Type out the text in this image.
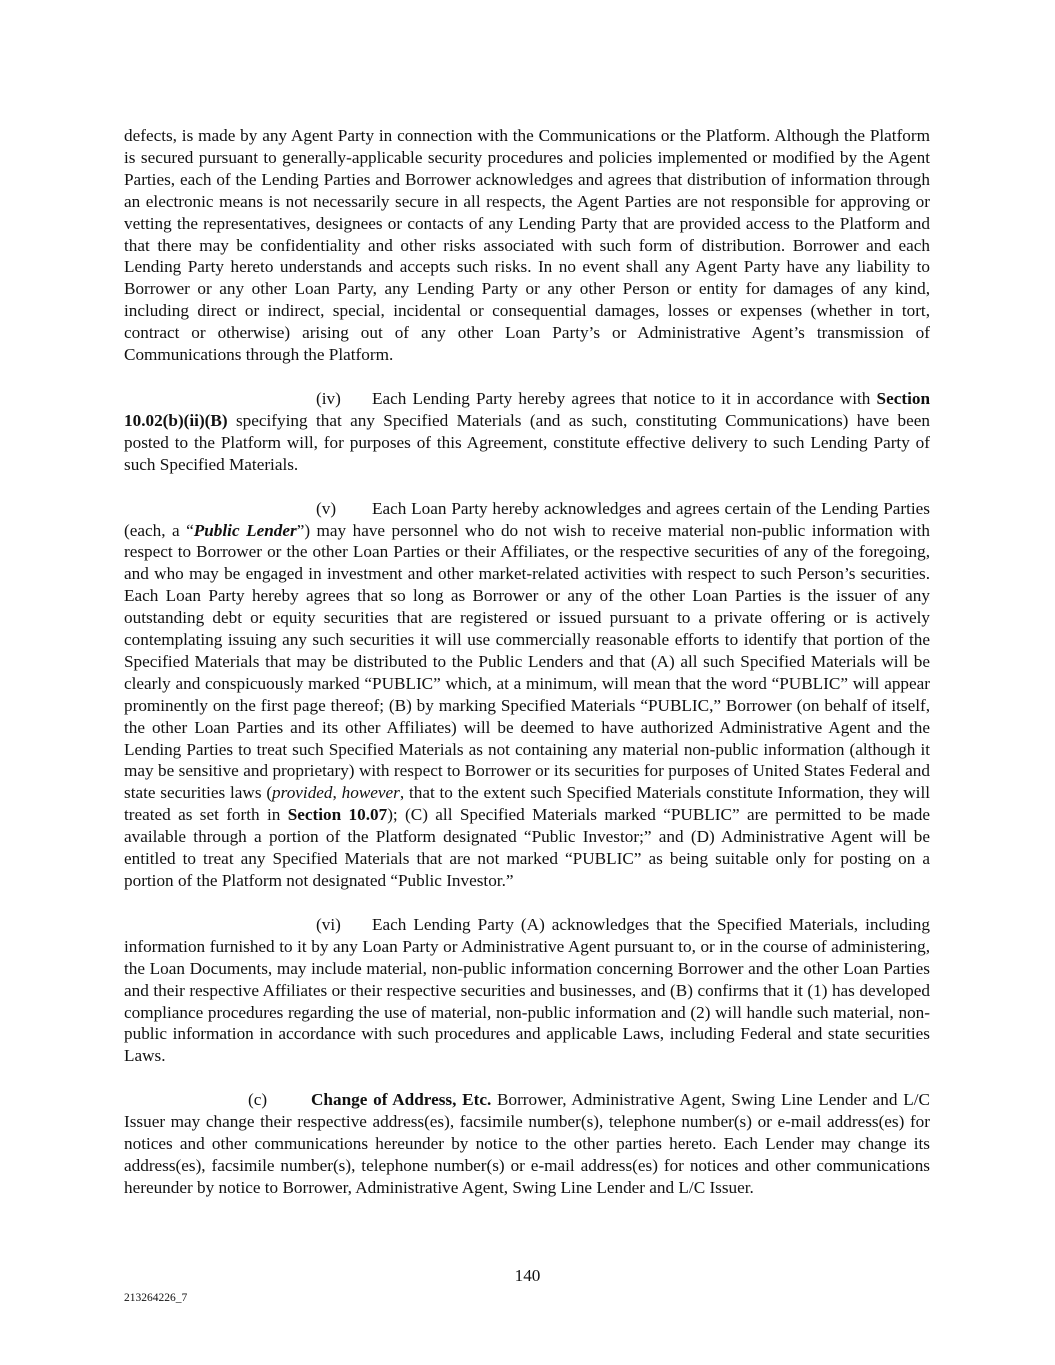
defects, is made by any Agent Party in connection with the Communications or the Platform. Although the Platform is secured pursuant to generally-applicable security procedures and policies implemented or modified by the Agent Parties, each of the Lending Parties and Borrower acknowledges and agrees that distribution of information through an electronic means is not necessarily secure in all respects, the Agent Parties are not responsible for approving or vetting the representatives, designees or contacts of any Lending Party that are provided access to the Platform and that there may be confidentiality and other risks associated with such form of distribution. Borrower and each Lending Party hereto understands and accepts such risks. In no event shall any Agent Party have any liability to Borrower or any other Loan Party, any Lending Party or any other Person or entity for damages of any kind, including direct or indirect, special, incidental or consequential damages, losses or expenses (whether in tort, contract or otherwise) arising out of any other Loan Party’s or Administrative Agent’s transmission of Communications through the Platform.

(iv) Each Lending Party hereby agrees that notice to it in accordance with Section 10.02(b)(ii)(B) specifying that any Specified Materials (and as such, constituting Communications) have been posted to the Platform will, for purposes of this Agreement, constitute effective delivery to such Lending Party of such Specified Materials.

(v) Each Loan Party hereby acknowledges and agrees certain of the Lending Parties (each, a “Public Lender”) may have personnel who do not wish to receive material non-public information with respect to Borrower or the other Loan Parties or their Affiliates, or the respective securities of any of the foregoing, and who may be engaged in investment and other market-related activities with respect to such Person’s securities. Each Loan Party hereby agrees that so long as Borrower or any of the other Loan Parties is the issuer of any outstanding debt or equity securities that are registered or issued pursuant to a private offering or is actively contemplating issuing any such securities it will use commercially reasonable efforts to identify that portion of the Specified Materials that may be distributed to the Public Lenders and that (A) all such Specified Materials will be clearly and conspicuously marked “PUBLIC” which, at a minimum, will mean that the word “PUBLIC” will appear prominently on the first page thereof; (B) by marking Specified Materials “PUBLIC,” Borrower (on behalf of itself, the other Loan Parties and its other Affiliates) will be deemed to have authorized Administrative Agent and the Lending Parties to treat such Specified Materials as not containing any material non-public information (although it may be sensitive and proprietary) with respect to Borrower or its securities for purposes of United States Federal and state securities laws (provided, however, that to the extent such Specified Materials constitute Information, they will treated as set forth in Section 10.07); (C) all Specified Materials marked “PUBLIC” are permitted to be made available through a portion of the Platform designated “Public Investor;” and (D) Administrative Agent will be entitled to treat any Specified Materials that are not marked “PUBLIC” as being suitable only for posting on a portion of the Platform not designated “Public Investor.”

(vi) Each Lending Party (A) acknowledges that the Specified Materials, including information furnished to it by any Loan Party or Administrative Agent pursuant to, or in the course of administering, the Loan Documents, may include material, non-public information concerning Borrower and the other Loan Parties and their respective Affiliates or their respective securities and businesses, and (B) confirms that it (1) has developed compliance procedures regarding the use of material, non-public information and (2) will handle such material, non-public information in accordance with such procedures and applicable Laws, including Federal and state securities Laws.

(c)	Change of Address, Etc. Borrower, Administrative Agent, Swing Line Lender and L/C Issuer may change their respective address(es), facsimile number(s), telephone number(s) or e-mail address(es) for notices and other communications hereunder by notice to the other parties hereto. Each Lender may change its address(es), facsimile number(s), telephone number(s) or e-mail address(es) for notices and other communications hereunder by notice to Borrower, Administrative Agent, Swing Line Lender and L/C Issuer.

140
213264226_7
